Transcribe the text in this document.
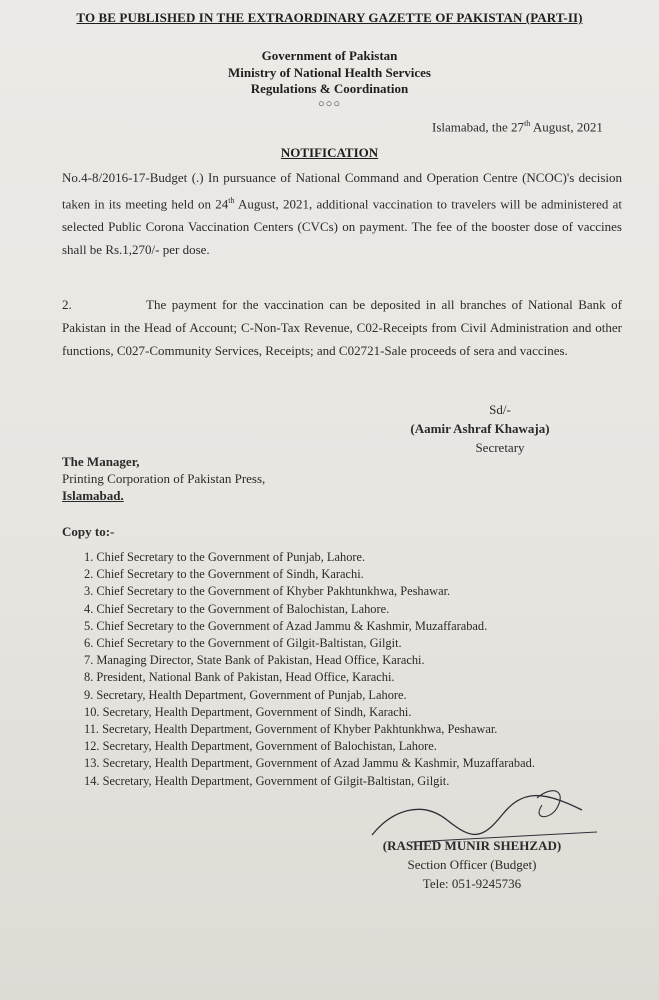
TO BE PUBLISHED IN THE EXTRAORDINARY GAZETTE OF PAKISTAN (PART-II)
Government of Pakistan
Ministry of National Health Services
Regulations & Coordination
○○○
Islamabad, the 27th August, 2021
NOTIFICATION
No.4-8/2016-17-Budget (.) In pursuance of National Command and Operation Centre (NCOC)'s decision taken in its meeting held on 24th August, 2021, additional vaccination to travelers will be administered at selected Public Corona Vaccination Centers (CVCs) on payment. The fee of the booster dose of vaccines shall be Rs.1,270/- per dose.
2.	The payment for the vaccination can be deposited in all branches of National Bank of Pakistan in the Head of Account; C-Non-Tax Revenue, C02-Receipts from Civil Administration and other functions, C027-Community Services, Receipts; and C02721-Sale proceeds of sera and vaccines.
Sd/-
(Aamir Ashraf Khawaja)
Secretary
The Manager,
Printing Corporation of Pakistan Press,
Islamabad.
Copy to:-
1. Chief Secretary to the Government of Punjab, Lahore.
2. Chief Secretary to the Government of Sindh, Karachi.
3. Chief Secretary to the Government of Khyber Pakhtunkhwa, Peshawar.
4. Chief Secretary to the Government of Balochistan, Lahore.
5. Chief Secretary to the Government of Azad Jammu & Kashmir, Muzaffarabad.
6. Chief Secretary to the Government of Gilgit-Baltistan, Gilgit.
7. Managing Director, State Bank of Pakistan, Head Office, Karachi.
8. President, National Bank of Pakistan, Head Office, Karachi.
9. Secretary, Health Department, Government of Punjab, Lahore.
10. Secretary, Health Department, Government of Sindh, Karachi.
11. Secretary, Health Department, Government of Khyber Pakhtunkhwa, Peshawar.
12. Secretary, Health Department, Government of Balochistan, Lahore.
13. Secretary, Health Department, Government of Azad Jammu & Kashmir, Muzaffarabad.
14. Secretary, Health Department, Government of Gilgit-Baltistan, Gilgit.
(RASHED MUNIR SHEHZAD)
Section Officer (Budget)
Tele: 051-9245736
